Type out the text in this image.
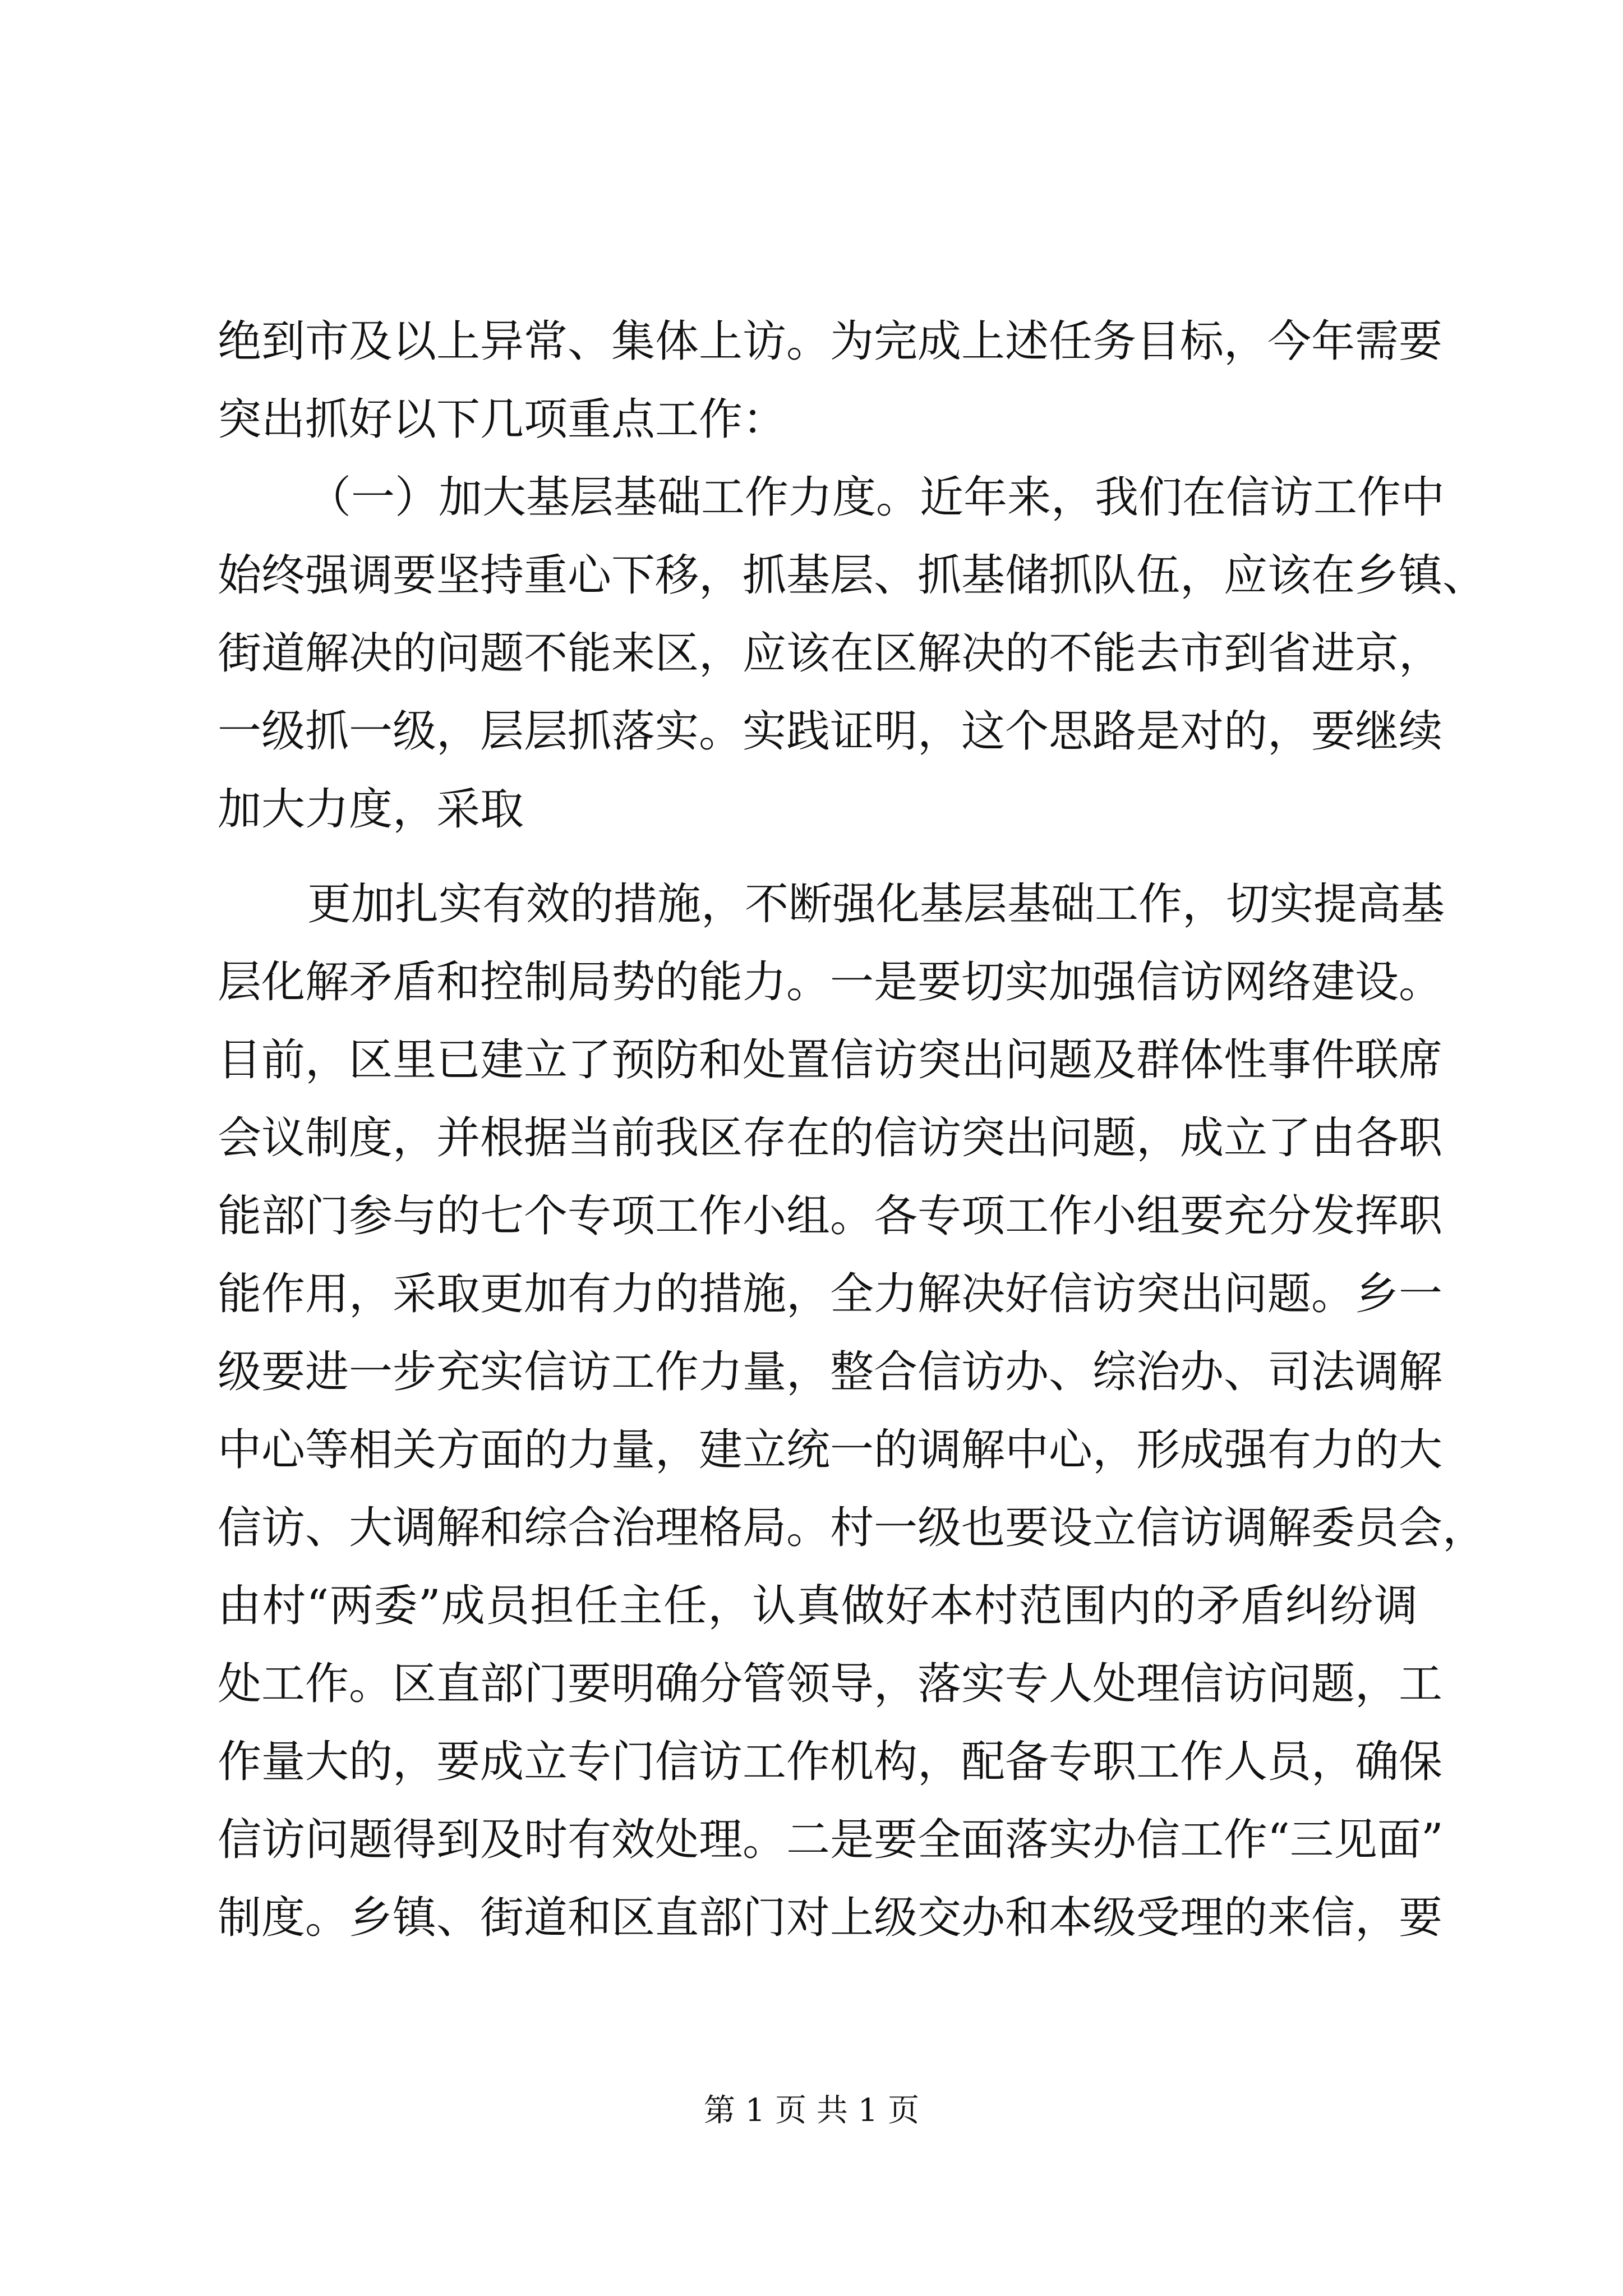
绝到市及以上异常、集体上访。为完成上述任务目标，今年需要
突出抓好以下几项重点工作：
（一）加大基层基础工作力度。近年来，我们在信访工作中
始终强调要坚持重心下移，抓基层、抓基储抓队伍，应该在乡镇、
街道解决的问题不能来区，应该在区解决的不能去市到省进京，
一级抓一级，层层抓落实。实践证明，这个思路是对的，要继续
加大力度，采取
更加扎实有效的措施，不断强化基层基础工作，切实提高基
层化解矛盾和控制局势的能力。一是要切实加强信访网络建设。
目前，区里已建立了预防和处置信访突出问题及群体性事件联席
会议制度，并根据当前我区存在的信访突出问题，成立了由各职
能部门参与的七个专项工作小组。各专项工作小组要充分发挥职
能作用，采取更加有力的措施，全力解决好信访突出问题。乡一
级要进一步充实信访工作力量，整合信访办、综治办、司法调解
中心等相关方面的力量，建立统一的调解中心，形成强有力的大
信访、大调解和综合治理格局。村一级也要设立信访调解委员会，
由村“两委”成员担任主任，认真做好本村范围内的矛盾纠纷调
处工作。区直部门要明确分管领导，落实专人处理信访问题，工
作量大的，要成立专门信访工作机构，配备专职工作人员，确保
信访问题得到及时有效处理。二是要全面落实办信工作“三见面”
制度。乡镇、街道和区直部门对上级交办和本级受理的来信，要
第 1 页 共 1 页
